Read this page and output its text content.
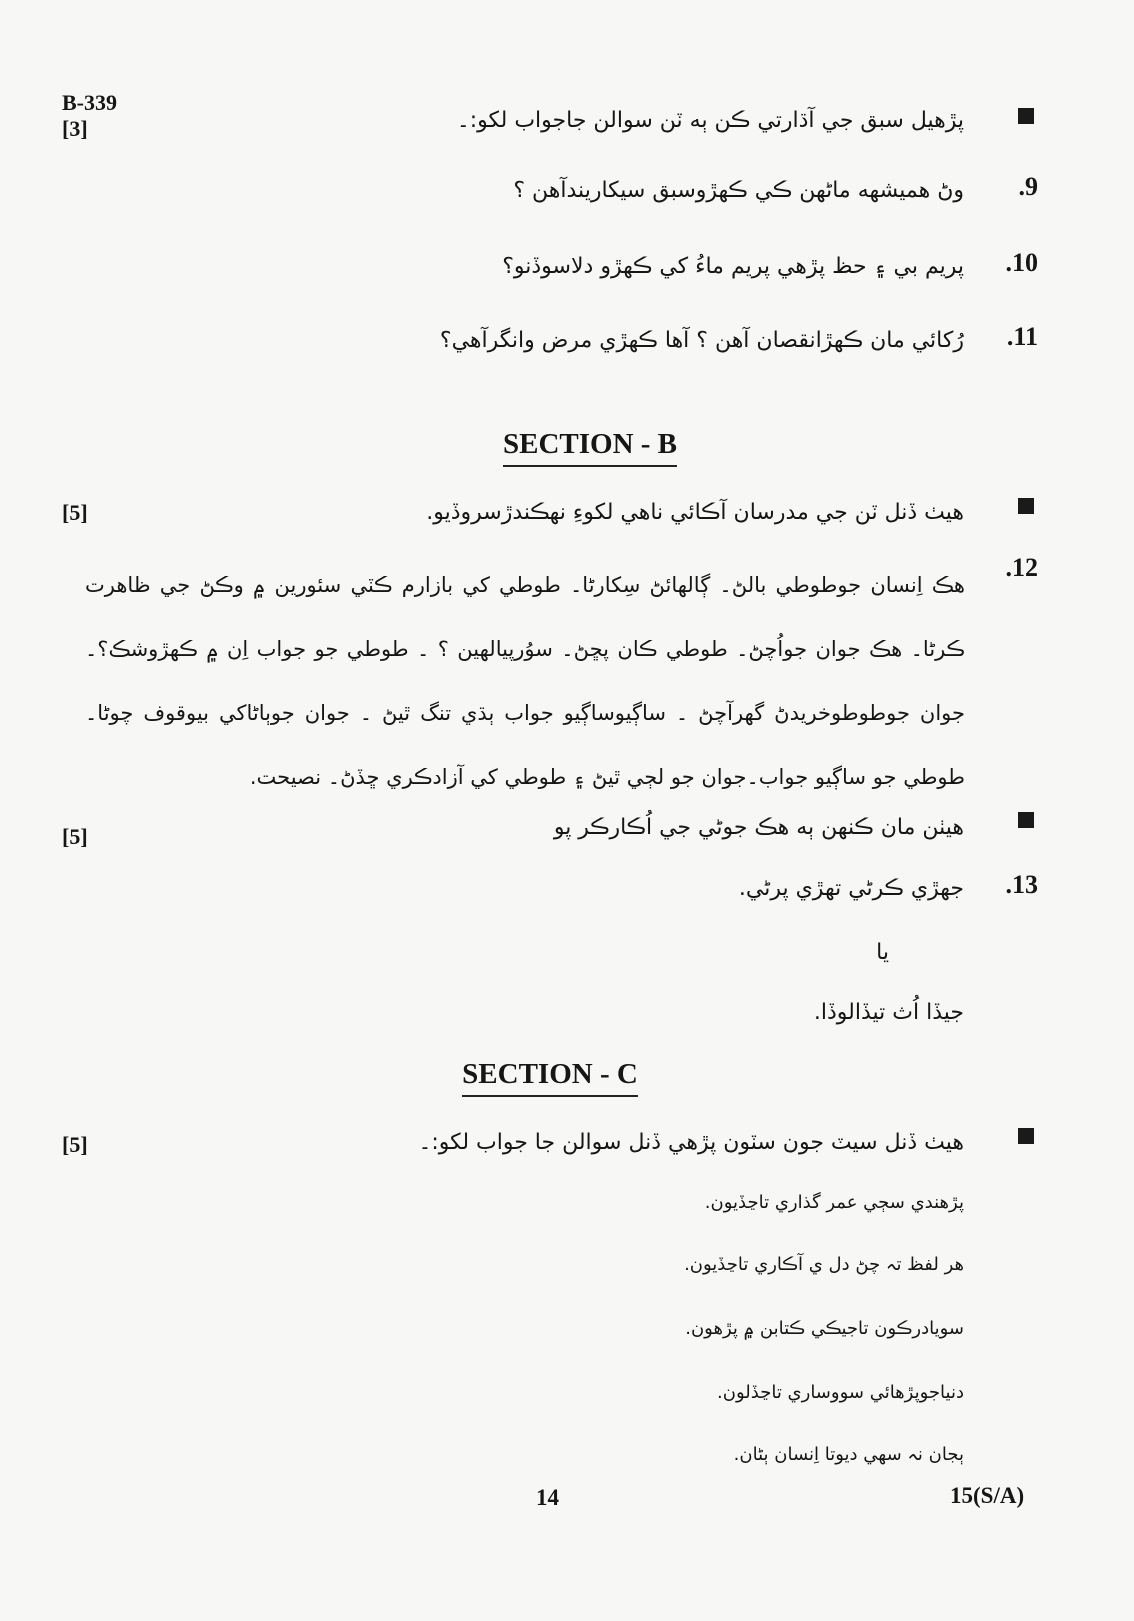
B-339
[3]	پڙهيل سبق جي آڌارتي ڪن ٻه ٽن سوالن جاجواب لکو:۔
.9
وڻ هميشهه ماڻهن ڪي ڪهڙوسبق سيکاريندآهن ؟
.10
پريم بي ۽ حظ پڙهي پريم ماءُ کي ڪهڙو دلاسوڏنو؟
.11
رُکائي مان ڪهڙانقصان آهن ؟ آها ڪهڙي مرض وانگرآهي؟
SECTION - B
[5]	هيٺ ڏنل ٽن جي مدرسان آڪائي ناهي لکوءِ نهڪندڙسروڏيو.
.12
هڪ اِنسان جوطوطي بالڻ۔ ڳالهائڻ سِکارڻا۔ طوطي کي بازارم ڪٽي سئورين ۾ وڪڻ جي ظاهرت ڪرڻا۔ هڪ جوان جواُچڻ۔ طوطي ڪان پڇڻ۔ سوُرپيالهين ؟ ۔ طوطي جو جواب اِن ۾ ڪهڙوشڪ؟۔ جوان جوطوطوخريدڻ گهرآچڻ ۔ ساڳيوساڳيو جواب ٻڌي تنگ ٿيڻ ۔ جوان جوٻاڻاکي بيوقوف چوڻا۔ طوطي جو ساڳيو جواب۔جوان جو لڄي ٿيڻ ۽ طوطي کي آزادڪري ڇڏڻ۔ نصيحت.
[5]	هيٺن مان ڪنهن ٻه هڪ جوڻي جي اُڪارڪر پو
.13
جهڙي ڪرڻي تهڙي پرڻي.
يا
جيڏا اُث تيڏالوڏا.
SECTION - C
[5]	هيٺ ڏنل سيٽ جون سٽون پڙهي ڏنل سوالن جا جواب لکو:۔
پڙهندي سڄي عمر گذاري تاڃڏيون.
هر لفظ تہ چڻ دل ي آڪاري تاڃڏيون.
سويادرڪون تاجيڪي ڪتابن ۾ پڙهون.
دنياجوپڙهائي سووساري تاڃڏلون.
ٻجان نہ سهي ديوتا اِنسان ٻڻان.
14	15(S/A)
